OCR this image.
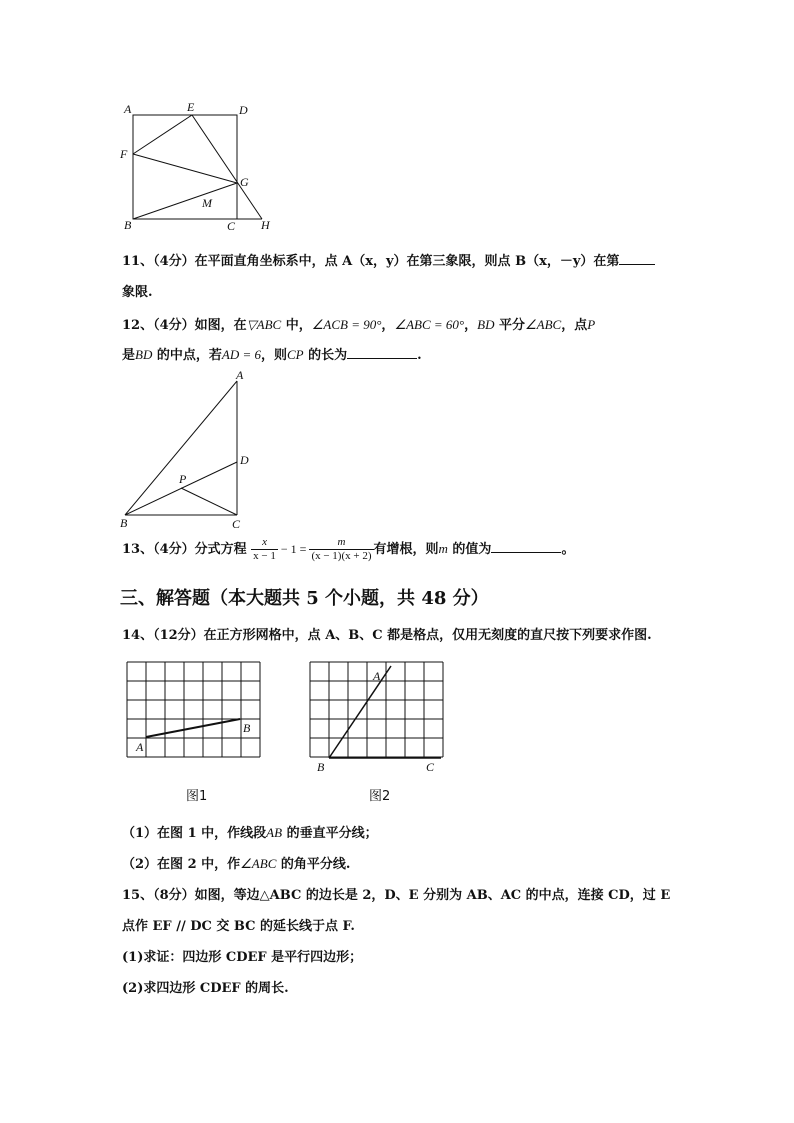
A	E	D
F
G
M
B	C H
11、（4分）在平面直角坐标系中，点 A（x，y）在第三象限，则点 B（x，－y）在第
象限.
12、（4分）如图，在▽ABC 中，∠ACB = 90°，∠ABC = 60°，BD 平分∠ABC，点P
是BD 的中点，若AD = 6，则CP 的长为	.
A
D
P
B	C
13、（4分）分式方程 $\frac{x}{x - 1} - 1 = \frac{m}{(x - 1)(x + 2)}$ 有增根，则m 的值为	。
三、解答题（本大题共 5 个小题，共 48 分）
14、（12分）在正方形网格中，点 A、B、C 都是格点，仅用无刻度的直尺按下列要求作图.
A
B
图1
A
B	C
图2
（1）在图 1 中，作线段AB 的垂直平分线；
（2）在图 2 中，作∠ABC 的角平分线.
15、（8分）如图，等边△ABC 的边长是 2，D、E 分别为 AB、AC 的中点，连接 CD，过 E
点作 EF // DC 交 BC 的延长线于点 F.
(1)求证：四边形 CDEF 是平行四边形；
(2)求四边形 CDEF 的周长.
